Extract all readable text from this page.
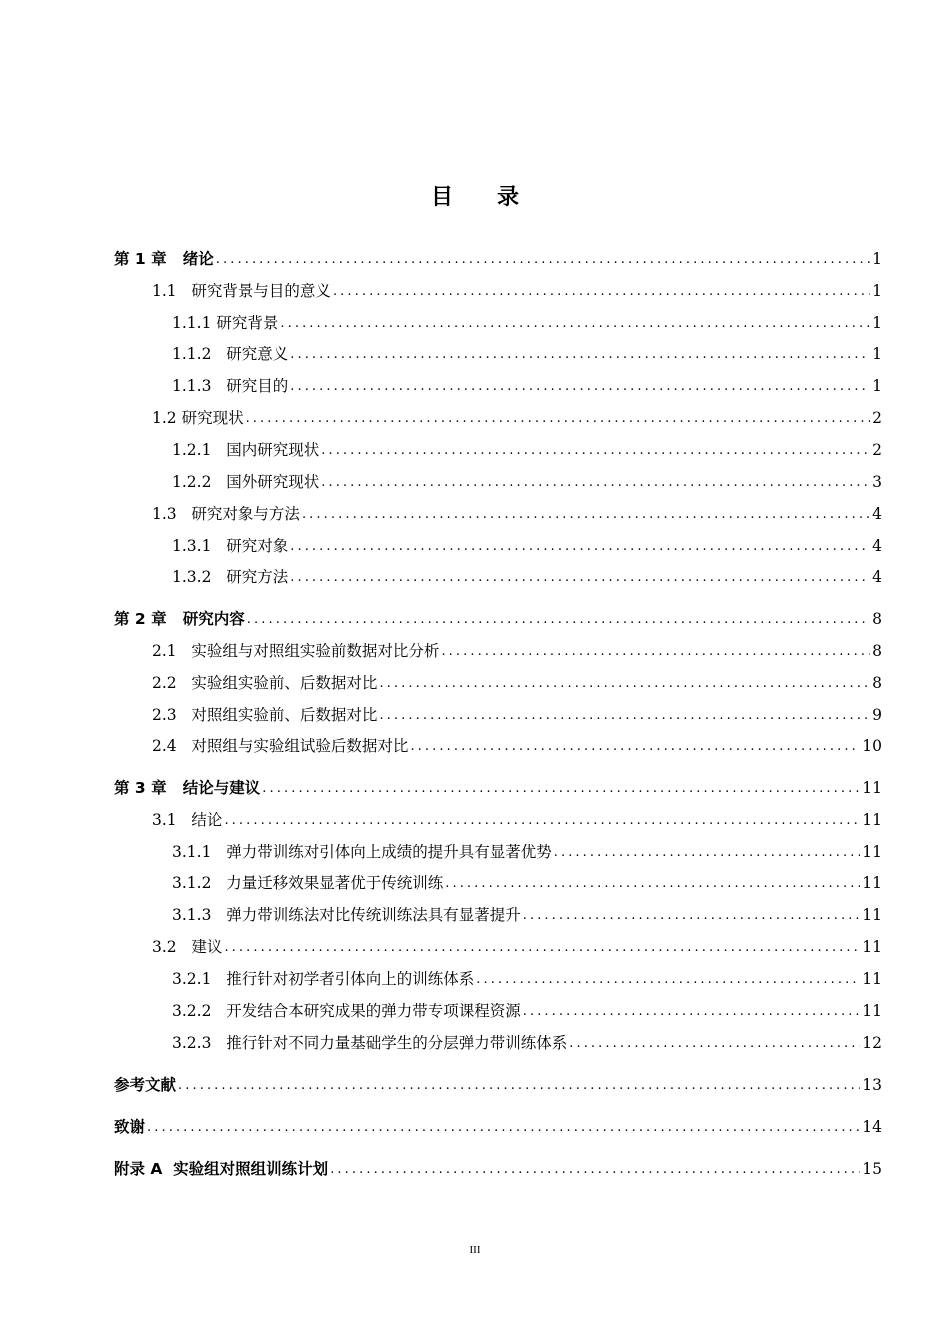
目 录
第 1 章   绪论 .....	1
1.1   研究背景与目的意义 .....	1
1.1.1 研究背景 .....	1
1.1.2   研究意义 .....	1
1.1.3   研究目的 .....	1
1.2 研究现状 .....	2
1.2.1   国内研究现状 .....	2
1.2.2   国外研究现状 .....	3
1.3   研究对象与方法 .....	4
1.3.1   研究对象 .....	4
1.3.2   研究方法 .....	4
第 2 章   研究内容 .....	8
2.1   实验组与对照组实验前数据对比分析 .....	8
2.2   实验组实验前、后数据对比 .....	8
2.3   对照组实验前、后数据对比 .....	9
2.4   对照组与实验组试验后数据对比 .....	10
第 3 章   结论与建议 .....	11
3.1   结论 .....	11
3.1.1   弹力带训练对引体向上成绩的提升具有显著优势 .....	11
3.1.2   力量迁移效果显著优于传统训练 .....	11
3.1.3   弹力带训练法对比传统训练法具有显著提升 .....	11
3.2   建议 .....	11
3.2.1   推行针对初学者引体向上的训练体系 .....	11
3.2.2   开发结合本研究成果的弹力带专项课程资源 .....	11
3.2.3   推行针对不同力量基础学生的分层弹力带训练体系 .....	12
参考文献 .....	13
致谢 .....	14
附录 A  实验组对照组训练计划 .....	15
III
